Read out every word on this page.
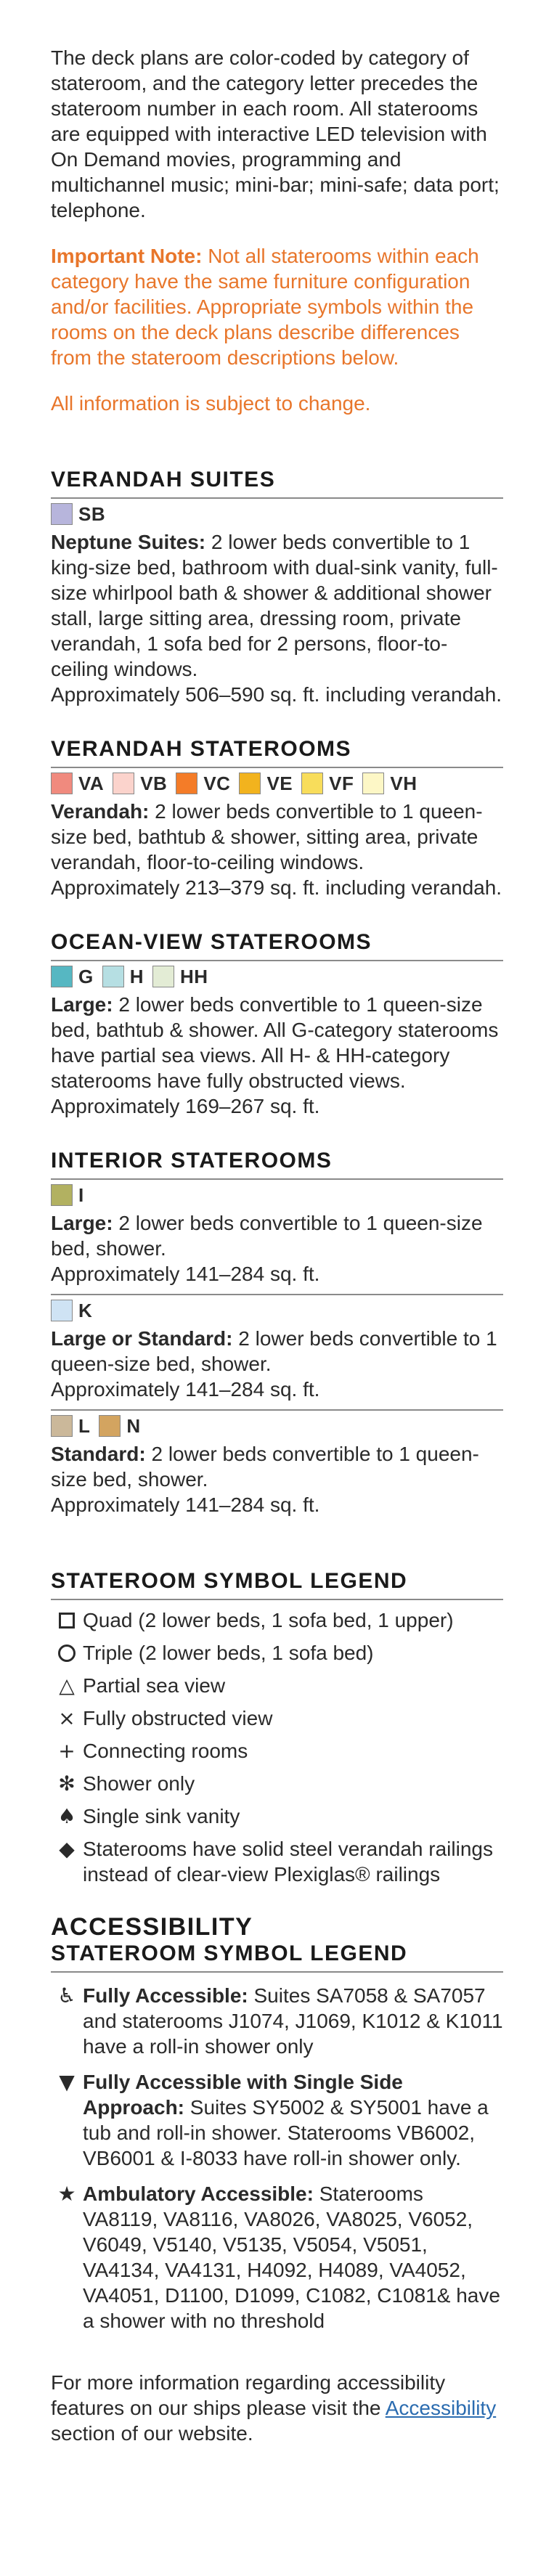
The deck plans are color-coded by category of stateroom, and the category letter precedes the stateroom number in each room. All staterooms are equipped with interactive LED television with On Demand movies, programming and multichannel music; mini-bar; mini-safe; data port; telephone.

Important Note: Not all staterooms within each category have the same furniture configuration and/or facilities. Appropriate symbols within the rooms on the deck plans describe differences from the stateroom descriptions below.

All information is subject to change.

VERANDAH SUITES
SB

Neptune Suites: 2 lower beds convertible to 1 king-size bed, bathroom with dual-sink vanity, full-size whirlpool bath & shower & additional shower stall, large sitting area, dressing room, private verandah, 1 sofa bed for 2 persons, floor-to-ceiling windows.

Approximately 506–590 sq. ft. including verandah.

VERANDAH STATEROOMS
VA VB VC VE VF VH

Verandah: 2 lower beds convertible to 1 queen-size bed, bathtub & shower, sitting area, private verandah, floor-to-ceiling windows.

Approximately 213–379 sq. ft. including verandah.

OCEAN-VIEW STATEROOMS
G H HH

Large: 2 lower beds convertible to 1 queen-size bed, bathtub & shower. All G-category staterooms have partial sea views. All H- & HH-category staterooms have fully obstructed views.

Approximately 169–267 sq. ft.

INTERIOR STATEROOMS
I

Large: 2 lower beds convertible to 1 queen-size bed, shower.

Approximately 141–284 sq. ft.

K

Large or Standard: 2 lower beds convertible to 1 queen-size bed, shower.

Approximately 141–284 sq. ft.

L N

Standard: 2 lower beds convertible to 1 queen-size bed, shower.

Approximately 141–284 sq. ft.

STATEROOM SYMBOL LEGEND
Quad (2 lower beds, 1 sofa bed, 1 upper)
Triple (2 lower beds, 1 sofa bed)
△ Partial sea view
× Fully obstructed view
+ Connecting rooms
✻ Shower only
♠ Single sink vanity
◆ Staterooms have solid steel verandah railings instead of clear-view Plexiglas® railings
ACCESSIBILITY
STATEROOM SYMBOL LEGEND
♿ Fully Accessible: Suites SA7058 & SA7057 and staterooms J1074, J1069, K1012 & K1011 have a roll-in shower only
▼ Fully Accessible with Single Side Approach: Suites SY5002 & SY5001 have a tub and roll-in shower. Staterooms VB6002, VB6001 & I-8033 have roll-in shower only.
★ Ambulatory Accessible: Staterooms VA8119, VA8116, VA8026, VA8025, V6052, V6049, V5140, V5135, V5054, V5051, VA4134, VA4131, H4092, H4089, VA4052, VA4051, D1100, D1099, C1082, C1081& have a shower with no threshold

For more information regarding accessibility features on our ships please visit the Accessibility section of our website.
